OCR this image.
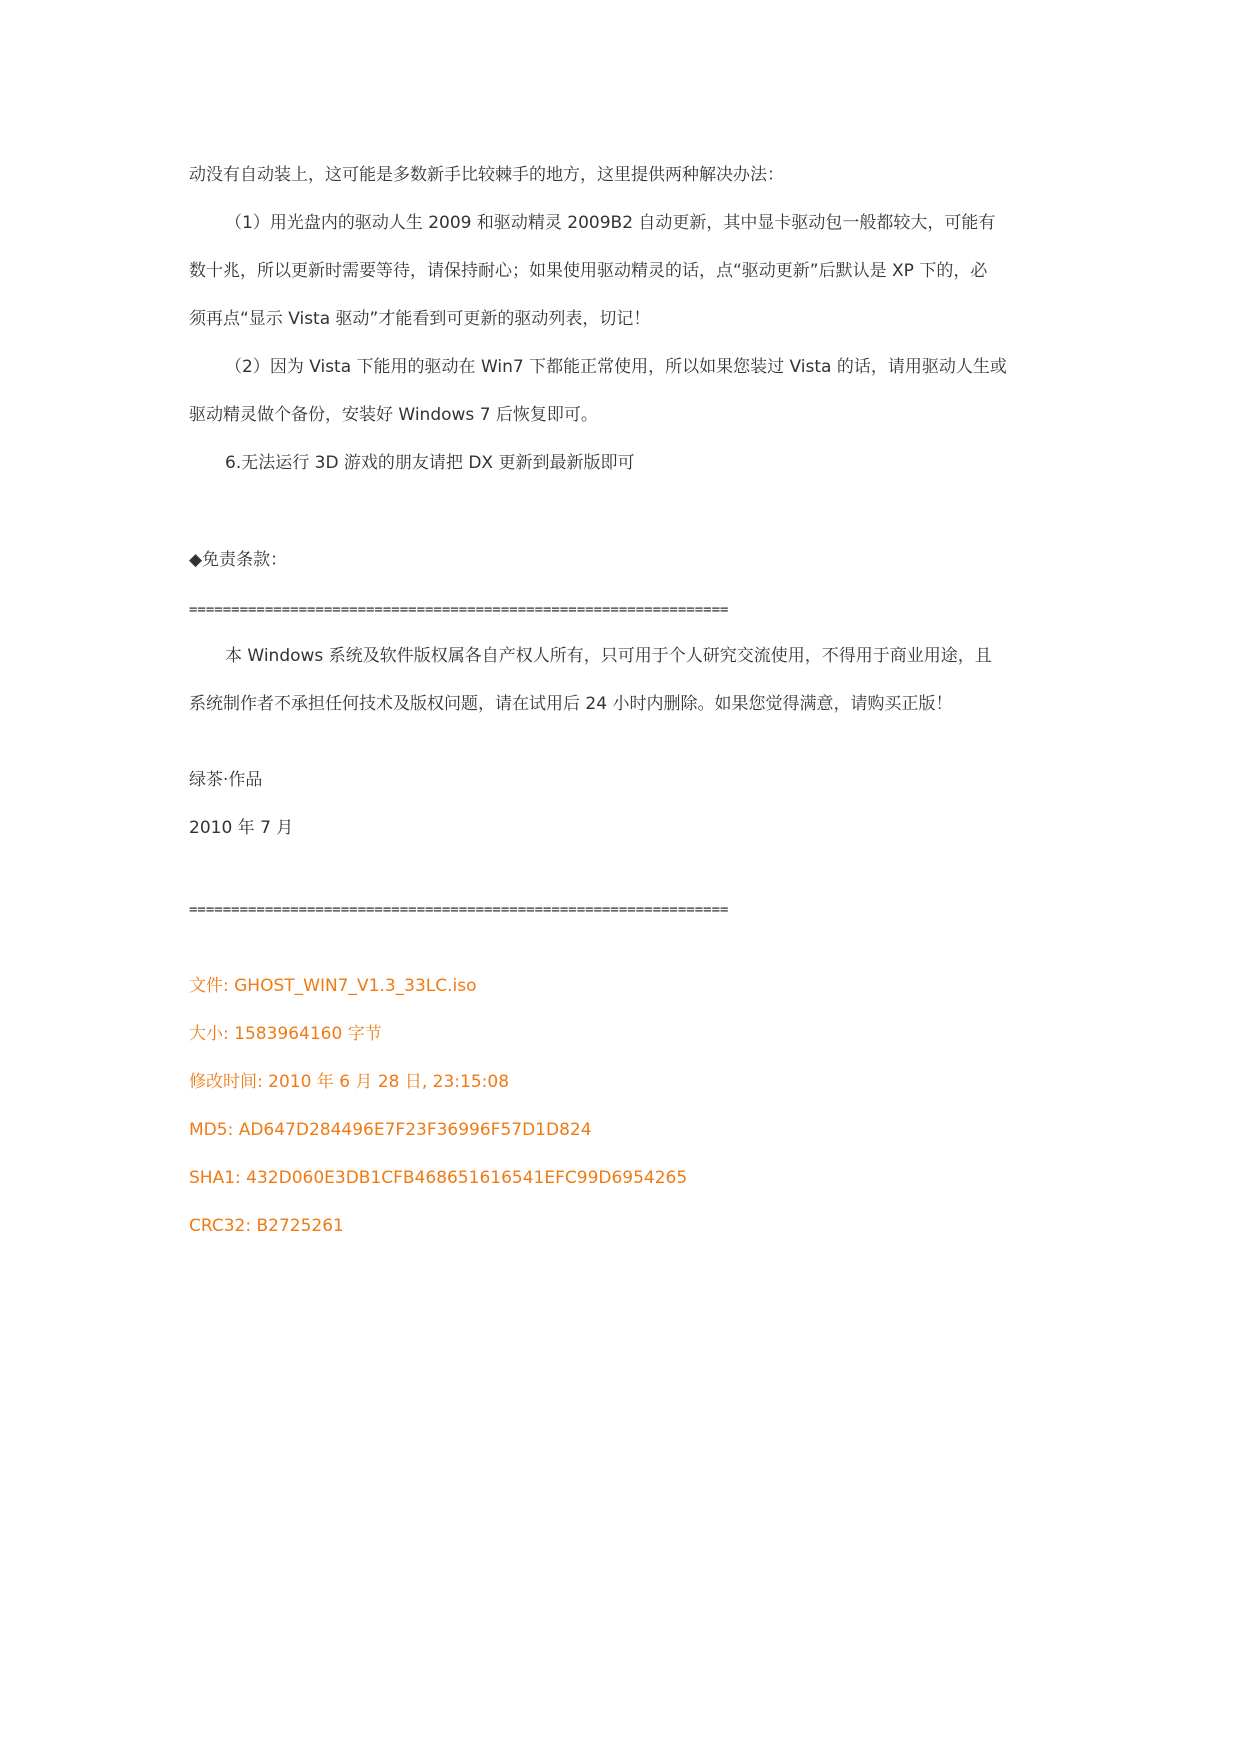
动没有自动装上，这可能是多数新手比较棘手的地方，这里提供两种解决办法：
（1）用光盘内的驱动人生 2009 和驱动精灵 2009B2 自动更新，其中显卡驱动包一般都较大，可能有
数十兆，所以更新时需要等待，请保持耐心；如果使用驱动精灵的话，点“驱动更新”后默认是 XP 下的，必
须再点“显示 Vista 驱动”才能看到可更新的驱动列表，切记！
（2）因为 Vista 下能用的驱动在 Win7 下都能正常使用，所以如果您装过 Vista 的话，请用驱动人生或
驱动精灵做个备份，安装好 Windows 7 后恢复即可。
6.无法运行 3D 游戏的朋友请把 DX 更新到最新版即可
◆免责条款：
================================================================
本 Windows 系统及软件版权属各自产权人所有，只可用于个人研究交流使用，不得用于商业用途，且
系统制作者不承担任何技术及版权问题，请在试用后 24 小时内删除。如果您觉得满意，请购买正版！
绿茶·作品
2010 年 7 月
================================================================
文件: GHOST_WIN7_V1.3_33LC.iso
大小: 1583964160 字节
修改时间: 2010 年 6 月 28 日, 23:15:08
MD5: AD647D284496E7F23F36996F57D1D824
SHA1: 432D060E3DB1CFB468651616541EFC99D6954265
CRC32: B2725261
